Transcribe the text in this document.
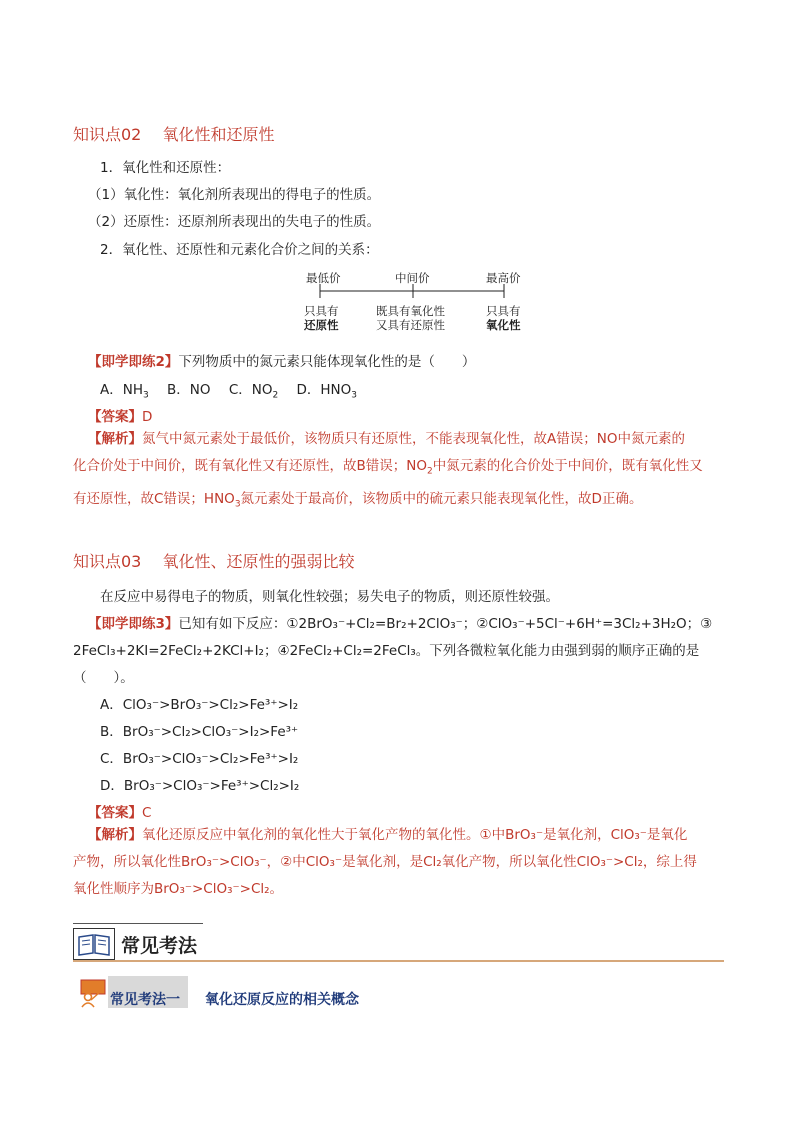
知识点02 氧化性和还原性
1．氧化性和还原性：
（1）氧化性：氧化剂所表现出的得电子的性质。
（2）还原性：还原剂所表现出的失电子的性质。
2．氧化性、还原性和元素化合价之间的关系：
最低价	中间价	最高价
只具有
还原性
既具有氧化性
又具有还原性
只具有
氧化性
【即学即练2】下列物质中的氮元素只能体现氧化性的是（　　）
A．$NH_3$ B．NO C．$NO_2$ D．$HNO_3$
【答案】D
【解析】氮气中氮元素处于最低价，该物质只有还原性，不能表现氧化性，故A错误；NO中氮元素的
化合价处于中间价，既有氧化性又有还原性，故B错误；$NO_2$中氮元素的化合价处于中间价，既有氧化性又
有还原性，故C错误；$HNO_3$氮元素处于最高价，该物质中的硫元素只能表现氧化性，故D正确。
知识点03 氧化性、还原性的强弱比较
在反应中易得电子的物质，则氧化性较强；易失电子的物质，则还原性较强。
【即学即练3】已知有如下反应：①2BrO₃⁻+Cl₂=Br₂+2ClO₃⁻；②ClO₃⁻+5Cl⁻+6H⁺=3Cl₂+3H₂O；③
2FeCl₃+2KI=2FeCl₂+2KCl+I₂；④2FeCl₂+Cl₂=2FeCl₃。下列各微粒氧化能力由强到弱的顺序正确的是
（　　）。
A．ClO₃⁻>BrO₃⁻>Cl₂>Fe³⁺>I₂
B．BrO₃⁻>Cl₂>ClO₃⁻>I₂>Fe³⁺
C．BrO₃⁻>ClO₃⁻>Cl₂>Fe³⁺>I₂
D．BrO₃⁻>ClO₃⁻>Fe³⁺>Cl₂>I₂
【答案】C
【解析】氧化还原反应中氧化剂的氧化性大于氧化产物的氧化性。①中BrO₃⁻是氧化剂，ClO₃⁻是氧化
产物，所以氧化性BrO₃⁻>ClO₃⁻，②中ClO₃⁻是氧化剂，是Cl₂氧化产物，所以氧化性ClO₃⁻>Cl₂，综上得
氧化性顺序为BrO₃⁻>ClO₃⁻>Cl₂。
常见考法
常见考法一 氧化还原反应的相关概念
